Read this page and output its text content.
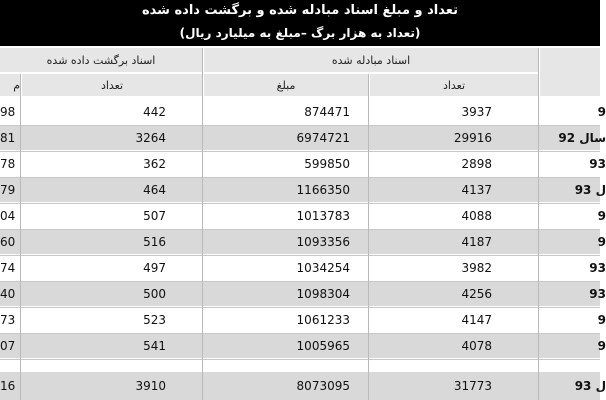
تعداد و مبلغ اسناد مبادله شده و برگشت داده شده
(تعداد به هزار برگ –مبلغ به میلیارد ریال)
اسناد برگشت داده شده	اسناد مبادله شده
م	تعداد	مبلغ	تعداد
98	442	874471	3937	9
81	3264	6974721	29916	سال 92
78	362	599850	2898	93
79	464	1166350	4137	ل 93
04	507	1013783	4088	9
60	516	1093356	4187	9
74	497	1034254	3982	93
40	500	1098304	4256	93
73	523	1061233	4147	9
07	541	1005965	4078	9
16	3910	8073095	31773	ل 93
